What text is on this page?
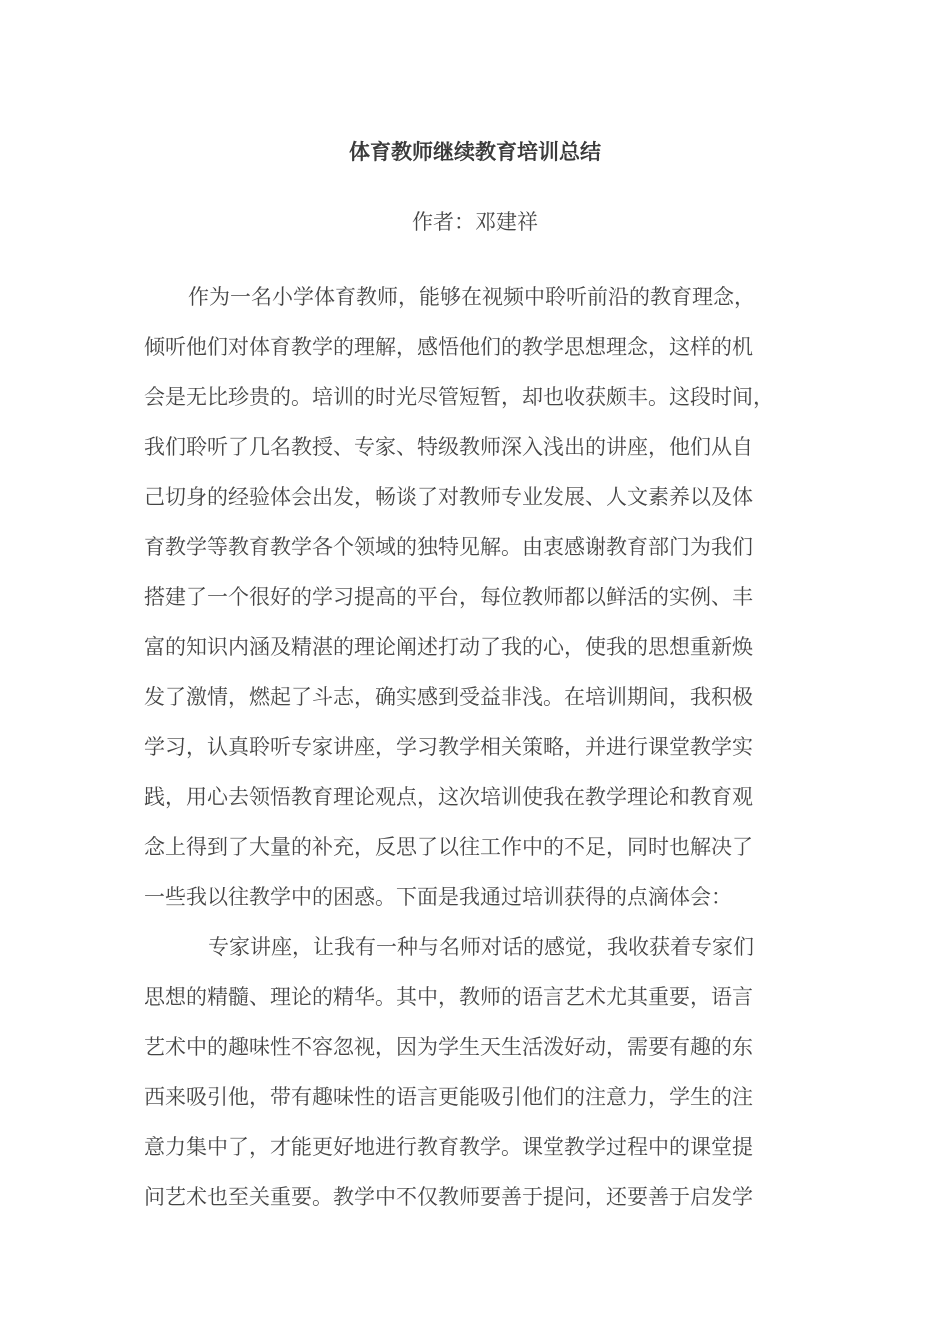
体育教师继续教育培训总结
作者：邓建祥
作为一名小学体育教师，能够在视频中聆听前沿的教育理念，
倾听他们对体育教学的理解，感悟他们的教学思想理念，这样的机
会是无比珍贵的。培训的时光尽管短暂，却也收获颇丰。这段时间，
我们聆听了几名教授、专家、特级教师深入浅出的讲座，他们从自
己切身的经验体会出发，畅谈了对教师专业发展、人文素养以及体
育教学等教育教学各个领域的独特见解。由衷感谢教育部门为我们
搭建了一个很好的学习提高的平台，每位教师都以鲜活的实例、丰
富的知识内涵及精湛的理论阐述打动了我的心，使我的思想重新焕
发了激情，燃起了斗志，确实感到受益非浅。在培训期间，我积极
学习，认真聆听专家讲座，学习教学相关策略，并进行课堂教学实
践，用心去领悟教育理论观点，这次培训使我在教学理论和教育观
念上得到了大量的补充，反思了以往工作中的不足，同时也解决了
一些我以往教学中的困惑。下面是我通过培训获得的点滴体会：
专家讲座，让我有一种与名师对话的感觉，我收获着专家们
思想的精髓、理论的精华。其中，教师的语言艺术尤其重要，语言
艺术中的趣味性不容忽视，因为学生天生活泼好动，需要有趣的东
西来吸引他，带有趣味性的语言更能吸引他们的注意力，学生的注
意力集中了，才能更好地进行教育教学。课堂教学过程中的课堂提
问艺术也至关重要。教学中不仅教师要善于提问，还要善于启发学
